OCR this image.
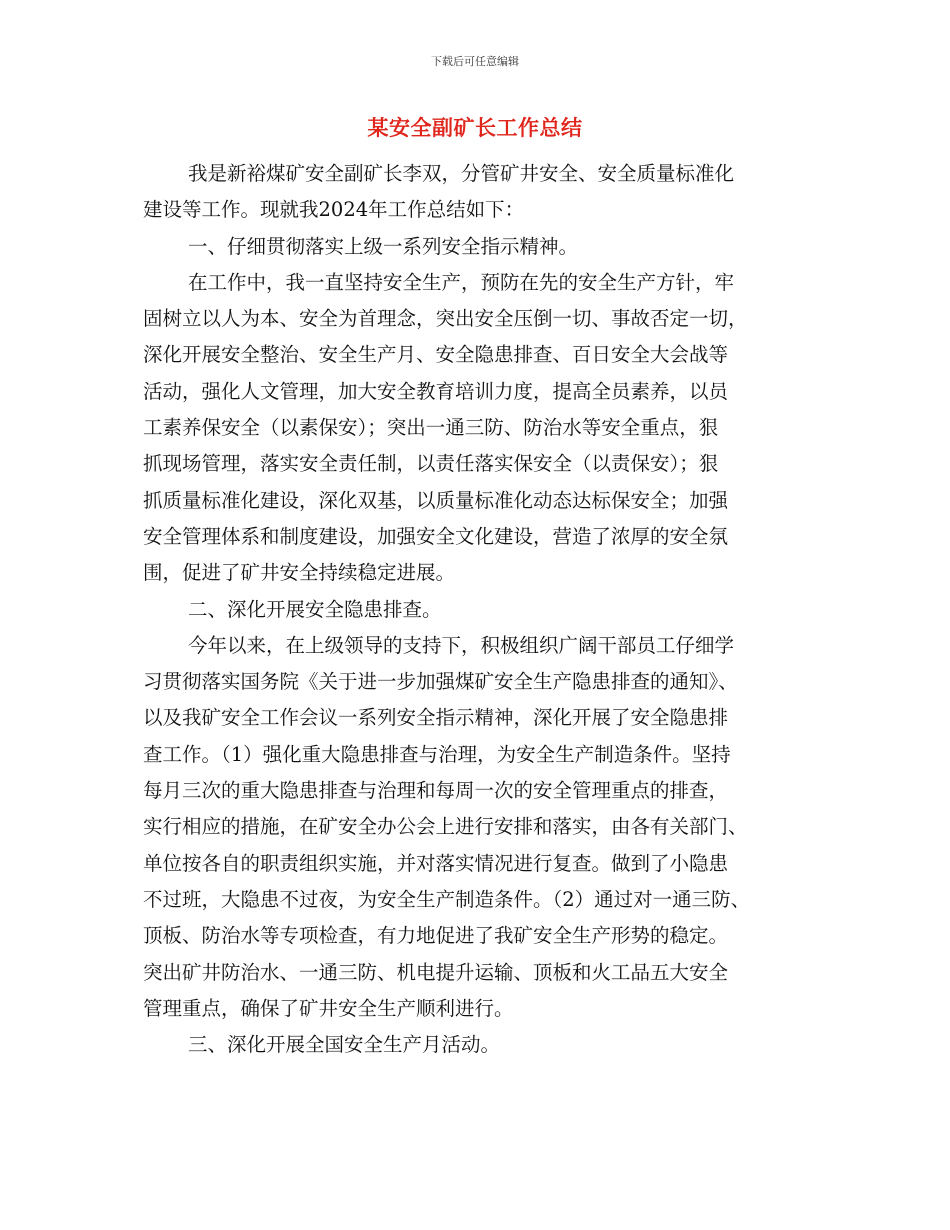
下载后可任意编辑
某安全副矿长工作总结
我是新裕煤矿安全副矿长李双，分管矿井安全、安全质量标准化
建设等工作。现就我2024年工作总结如下：
一、仔细贯彻落实上级一系列安全指示精神。
在工作中，我一直坚持安全生产，预防在先的安全生产方针，牢
固树立以人为本、安全为首理念，突出安全压倒一切、事故否定一切，
深化开展安全整治、安全生产月、安全隐患排查、百日安全大会战等
活动，强化人文管理，加大安全教育培训力度，提高全员素养，以员
工素养保安全（以素保安）；突出一通三防、防治水等安全重点，狠
抓现场管理，落实安全责任制，以责任落实保安全（以责保安）；狠
抓质量标准化建设，深化双基，以质量标准化动态达标保安全；加强
安全管理体系和制度建设，加强安全文化建设，营造了浓厚的安全氛
围，促进了矿井安全持续稳定进展。
二、深化开展安全隐患排查。
今年以来，在上级领导的支持下，积极组织广阔干部员工仔细学
习贯彻落实国务院《关于进一步加强煤矿安全生产隐患排查的通知》、
以及我矿安全工作会议一系列安全指示精神，深化开展了安全隐患排
查工作。（1）强化重大隐患排查与治理，为安全生产制造条件。坚持
每月三次的重大隐患排查与治理和每周一次的安全管理重点的排查，
实行相应的措施，在矿安全办公会上进行安排和落实，由各有关部门、
单位按各自的职责组织实施，并对落实情况进行复查。做到了小隐患
不过班，大隐患不过夜，为安全生产制造条件。（2）通过对一通三防、
顶板、防治水等专项检查，有力地促进了我矿安全生产形势的稳定。
突出矿井防治水、一通三防、机电提升运输、顶板和火工品五大安全
管理重点，确保了矿井安全生产顺利进行。
三、深化开展全国安全生产月活动。
